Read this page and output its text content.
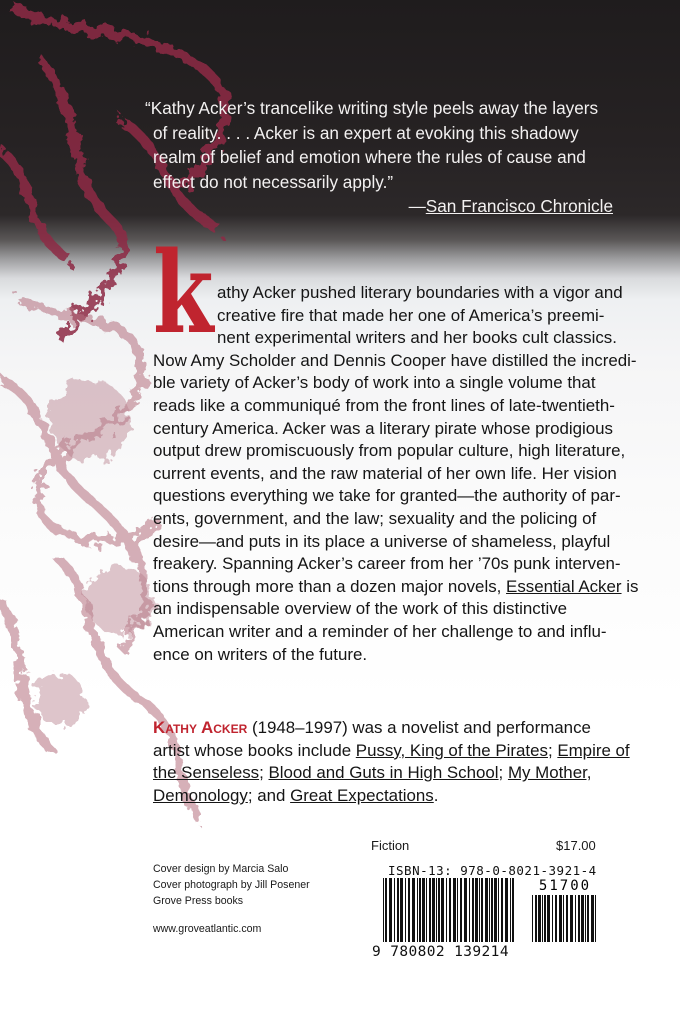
“Kathy Acker’s trancelike writing style peels away the layers

of reality. . . . Acker is an expert at evoking this shadowy

realm of belief and emotion where the rules of cause and

effect do not necessarily apply.”

—San Francisco Chronicle

k athy Acker pushed literary boundaries with a vigor and
creative fire that made her one of America’s preemi-
nent experimental writers and her books cult classics.
Now Amy Scholder and Dennis Cooper have distilled the incredi-
ble variety of Acker’s body of work into a single volume that
reads like a communiqué from the front lines of late-twentieth-
century America. Acker was a literary pirate whose prodigious
output drew promiscuously from popular culture, high literature,
current events, and the raw material of her own life. Her vision
questions everything we take for granted—the authority of par-
ents, government, and the law; sexuality and the policing of
desire—and puts in its place a universe of shameless, playful
freakery. Spanning Acker’s career from her ’70s punk interven-
tions through more than a dozen major novels, Essential Acker is
an indispensable overview of the work of this distinctive
American writer and a reminder of her challenge to and influ-
ence on writers of the future.
Kathy Acker (1948–1997) was a novelist and performance
artist whose books include Pussy, King of the Pirates; Empire of
the Senseless; Blood and Guts in High School; My Mother,
Demonology; and Great Expectations.
Cover design by Marcia Salo
Cover photograph by Jill Posener
Grove Press books
www.groveatlantic.com
Fiction	$17.00
ISBN-13: 978-0-8021-3921-4
51700
9 780802 139214
